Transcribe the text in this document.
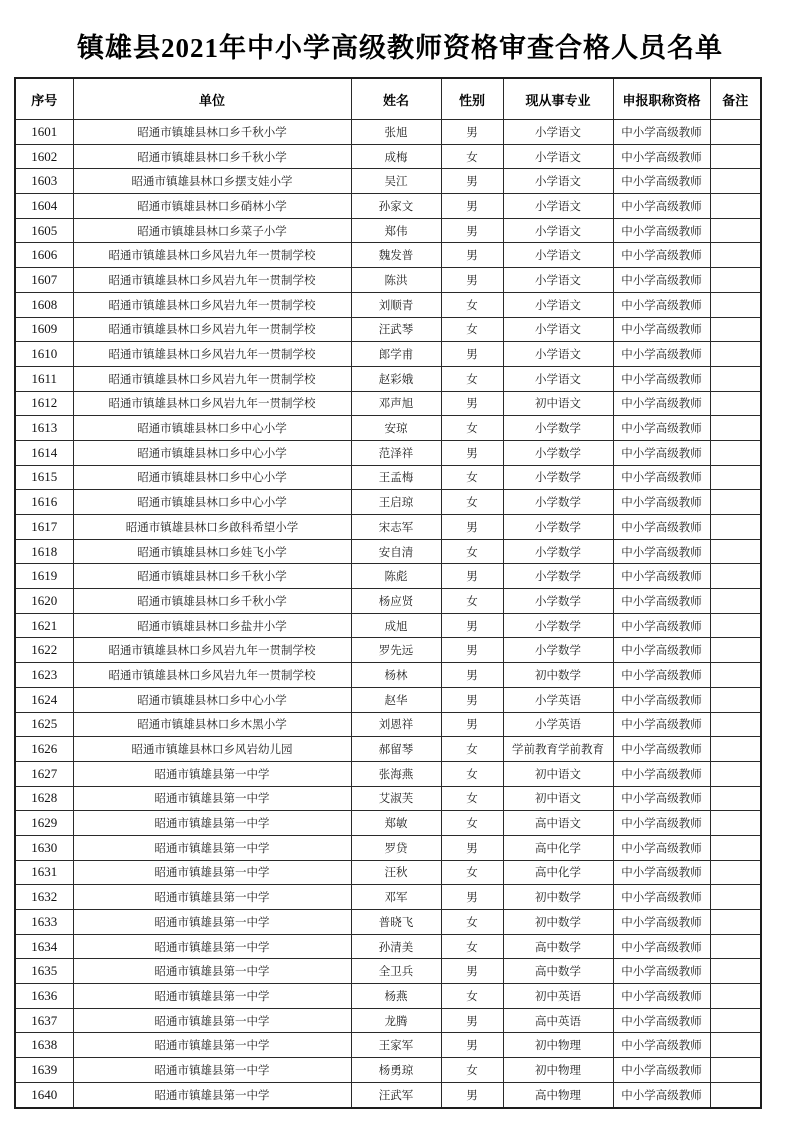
镇雄县2021年中小学高级教师资格审查合格人员名单
序号	单位	姓名	性别	现从事专业	申报职称资格	备注
1601	昭通市镇雄县林口乡千秋小学	张旭	男	小学语文	中小学高级教师	
1602	昭通市镇雄县林口乡千秋小学	成梅	女	小学语文	中小学高级教师	
1603	昭通市镇雄县林口乡摆支娃小学	吴江	男	小学语文	中小学高级教师	
1604	昭通市镇雄县林口乡硝林小学	孙家文	男	小学语文	中小学高级教师	
1605	昭通市镇雄县林口乡菜子小学	郑伟	男	小学语文	中小学高级教师	
1606	昭通市镇雄县林口乡风岩九年一贯制学校	魏发普	男	小学语文	中小学高级教师	
1607	昭通市镇雄县林口乡风岩九年一贯制学校	陈洪	男	小学语文	中小学高级教师	
1608	昭通市镇雄县林口乡风岩九年一贯制学校	刘顺青	女	小学语文	中小学高级教师	
1609	昭通市镇雄县林口乡风岩九年一贯制学校	汪武琴	女	小学语文	中小学高级教师	
1610	昭通市镇雄县林口乡风岩九年一贯制学校	郎学甫	男	小学语文	中小学高级教师	
1611	昭通市镇雄县林口乡风岩九年一贯制学校	赵彩娥	女	小学语文	中小学高级教师	
1612	昭通市镇雄县林口乡风岩九年一贯制学校	邓声旭	男	初中语文	中小学高级教师	
1613	昭通市镇雄县林口乡中心小学	安琼	女	小学数学	中小学高级教师	
1614	昭通市镇雄县林口乡中心小学	范泽祥	男	小学数学	中小学高级教师	
1615	昭通市镇雄县林口乡中心小学	王孟梅	女	小学数学	中小学高级教师	
1616	昭通市镇雄县林口乡中心小学	王启琼	女	小学数学	中小学高级教师	
1617	昭通市镇雄县林口乡啟科希望小学	宋志军	男	小学数学	中小学高级教师	
1618	昭通市镇雄县林口乡娃飞小学	安自清	女	小学数学	中小学高级教师	
1619	昭通市镇雄县林口乡千秋小学	陈彪	男	小学数学	中小学高级教师	
1620	昭通市镇雄县林口乡千秋小学	杨应贤	女	小学数学	中小学高级教师	
1621	昭通市镇雄县林口乡盐井小学	成旭	男	小学数学	中小学高级教师	
1622	昭通市镇雄县林口乡风岩九年一贯制学校	罗先远	男	小学数学	中小学高级教师	
1623	昭通市镇雄县林口乡风岩九年一贯制学校	杨林	男	初中数学	中小学高级教师	
1624	昭通市镇雄县林口乡中心小学	赵华	男	小学英语	中小学高级教师	
1625	昭通市镇雄县林口乡木黑小学	刘恩祥	男	小学英语	中小学高级教师	
1626	昭通市镇雄县林口乡风岩幼儿园	郝留琴	女	学前教育学前教育	中小学高级教师	
1627	昭通市镇雄县第一中学	张海燕	女	初中语文	中小学高级教师	
1628	昭通市镇雄县第一中学	艾淑芙	女	初中语文	中小学高级教师	
1629	昭通市镇雄县第一中学	郑敏	女	高中语文	中小学高级教师	
1630	昭通市镇雄县第一中学	罗贷	男	高中化学	中小学高级教师	
1631	昭通市镇雄县第一中学	汪秋	女	高中化学	中小学高级教师	
1632	昭通市镇雄县第一中学	邓军	男	初中数学	中小学高级教师	
1633	昭通市镇雄县第一中学	普晓飞	女	初中数学	中小学高级教师	
1634	昭通市镇雄县第一中学	孙清美	女	高中数学	中小学高级教师	
1635	昭通市镇雄县第一中学	全卫兵	男	高中数学	中小学高级教师	
1636	昭通市镇雄县第一中学	杨燕	女	初中英语	中小学高级教师	
1637	昭通市镇雄县第一中学	龙腾	男	高中英语	中小学高级教师	
1638	昭通市镇雄县第一中学	王家军	男	初中物理	中小学高级教师	
1639	昭通市镇雄县第一中学	杨勇琼	女	初中物理	中小学高级教师	
1640	昭通市镇雄县第一中学	汪武军	男	高中物理	中小学高级教师	
